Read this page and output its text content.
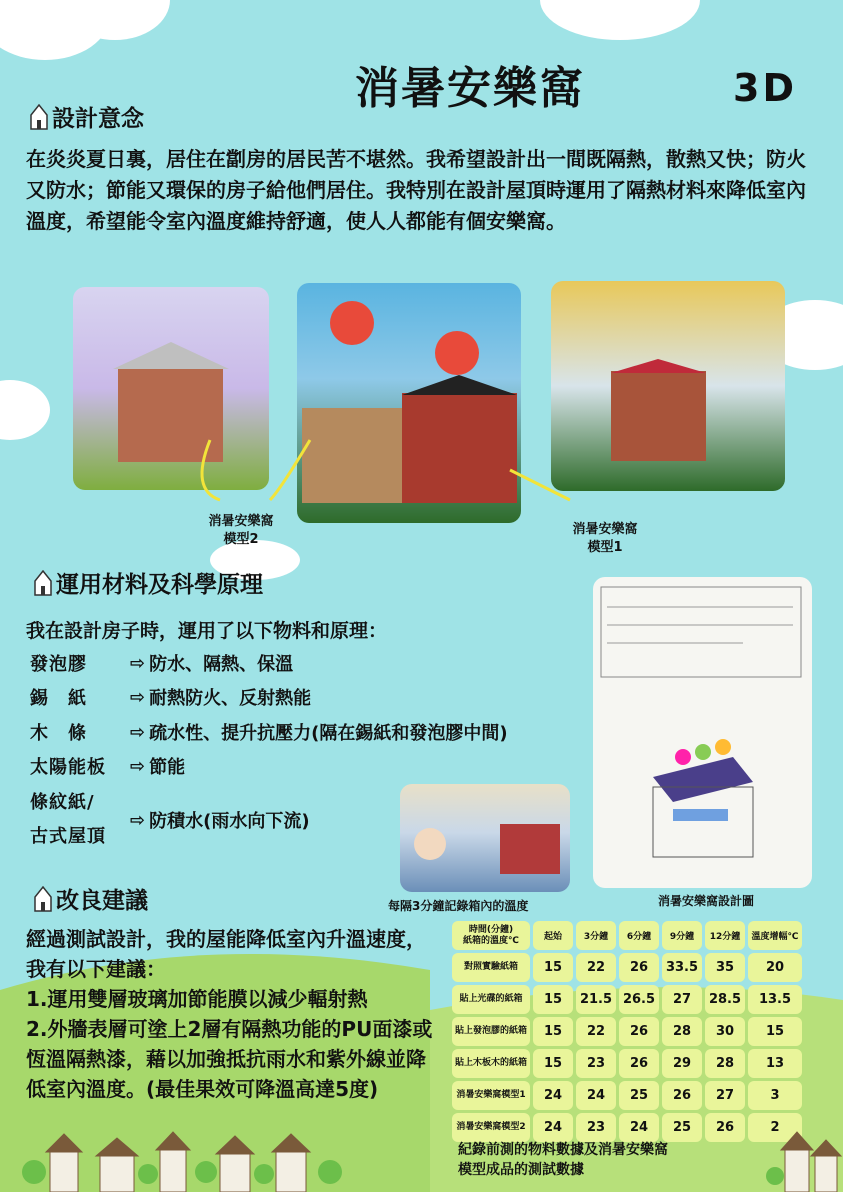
消暑安樂窩	3D
設計意念
在炎炎夏日裏，居住在劏房的居民苦不堪然。我希望設計出一間既隔熱，散熱又快；防火又防水；節能又環保的房子給他們居住。我特別在設計屋頂時運用了隔熱材料來降低室內溫度，希望能令室內溫度維持舒適，使人人都能有個安樂窩。
消暑安樂窩
模型2
消暑安樂窩
模型1
運用材料及科學原理
我在設計房子時，運用了以下物料和原理：
發泡膠	⇨ 防水、隔熱、保溫
錫　紙	⇨ 耐熱防火、反射熱能
木　條	⇨ 疏水性、提升抗壓力(隔在錫紙和發泡膠中間)
太陽能板	⇨ 節能
條紋紙/
古式屋頂
⇨ 防積水(雨水向下流)
每隔3分鐘記錄箱內的溫度	消暑安樂窩設計圖
改良建議
經過測試設計，我的屋能降低室內升溫速度，我有以下建議：
1.運用雙層玻璃加節能膜以減少輻射熱
2.外牆表層可塗上2層有隔熱功能的PU面漆或恆溫隔熱漆，藉以加強抵抗雨水和紫外線並降低室內溫度。(最佳果效可降溫高達5度)
時間(分鐘)
紙箱的溫度℃	起始	3分鐘	6分鐘	9分鐘	12分鐘	溫度增幅℃
對照實驗紙箱	15	22	26	33.5	35	20
貼上光碟的紙箱	15	21.5	26.5	27	28.5	13.5
貼上發泡膠的紙箱	15	22	26	28	30	15
貼上木板木的紙箱	15	23	26	29	28	13
消暑安樂窩模型1	24	24	25	26	27	3
消暑安樂窩模型2	24	23	24	25	26	2
紀錄前測的物料數據及消暑安樂窩
模型成品的測試數據
